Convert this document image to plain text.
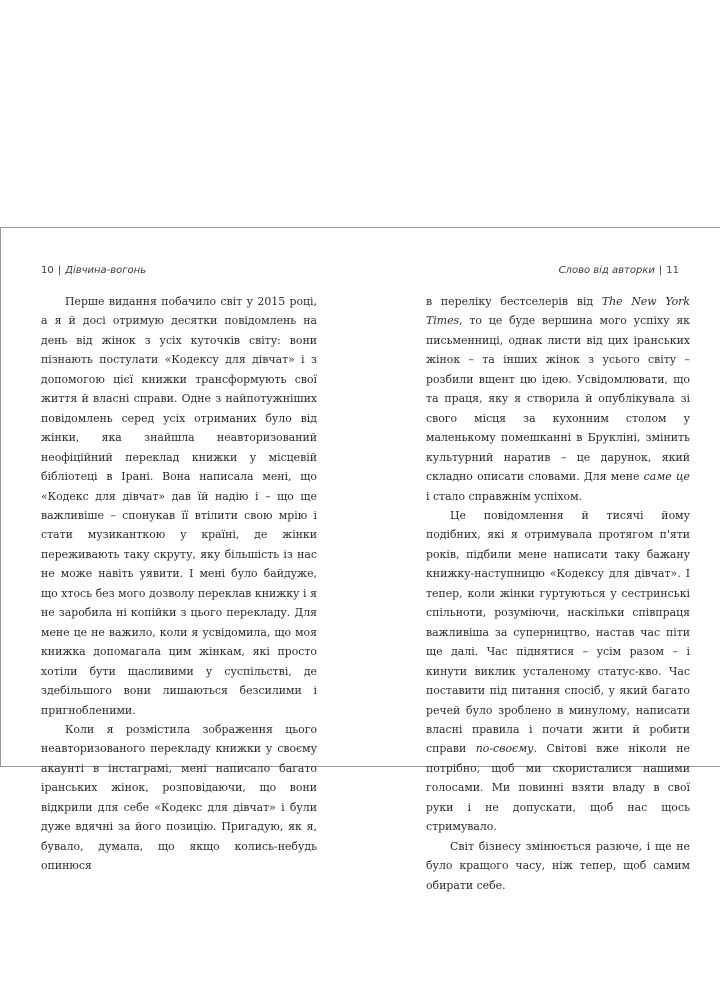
10 | Дівчина-вогонь

Перше видання побачило світ у 2015 році, а я й досі отримую десятки повідомлень на день від жінок з усіх куточків світу: вони пізнають постулати «Кодексу для дівчат» і з допомогою цієї книжки трансформують свої життя й власні справи. Одне з найпотужніших повідомлень серед усіх отриманих було від жінки, яка знайшла неавторизований неофіційний переклад книжки у місцевій бібліотеці в Ірані. Вона написала мені, що «Кодекс для дівчат» дав їй надію і – що ще важливіше – спонукав її втілити свою мрію і стати музиканткою у країні, де жінки переживають таку скруту, яку більшість із нас не може навіть уявити. І мені було байдуже, що хтось без мого дозволу переклав книжку і я не заробила ні копійки з цього перекладу. Для мене це не важило, коли я усвідомила, що моя книжка допомагала цим жінкам, які просто хотіли бути щасливими у суспільстві, де здебільшого вони лишаються безсилими і пригнобленими.

Коли я розмістила зображення цього неавторизованого перекладу книжки у своєму акаунті в інстаграмі, мені написало багато іранських жінок, розповідаючи, що вони відкрили для себе «Кодекс для дівчат» і були дуже вдячні за його позицію. Пригадую, як я, бувало, думала, що якщо колись-небудь опинюся

Слово від авторки | 11

в переліку бестселерів від The New York Times, то це буде вершина мого успіху як письменниці, однак листи від цих іранських жінок – та інших жінок з усього світу – розбили вщент цю ідею. Усвідомлювати, що та праця, яку я створила й опублікувала зі свого місця за кухонним столом у маленькому помешканні в Брукліні, змінить культурний наратив – це дарунок, який складно описати словами. Для мене саме це і стало справжнім успіхом.

Це повідомлення й тисячі йому подібних, які я отримувала протягом п'яти років, підбили мене написати таку бажану книжку-наступницю «Кодексу для дівчат». І тепер, коли жінки гуртуються у сестринські спільноти, розуміючи, наскільки співпраця важливіша за суперництво, настав час піти ще далі. Час піднятися – усім разом – і кинути виклик усталеному статус-кво. Час поставити під питання спосіб, у який багато речей було зроблено в минулому, написати власні правила і почати жити й робити справи по-своєму. Світові вже ніколи не потрібно, щоб ми скористалися нашими голосами. Ми повинні взяти владу в свої руки і не допускати, щоб нас щось стримувало.

Світ бізнесу змінюється разюче, і ще не було кращого часу, ніж тепер, щоб самим обирати себе.
